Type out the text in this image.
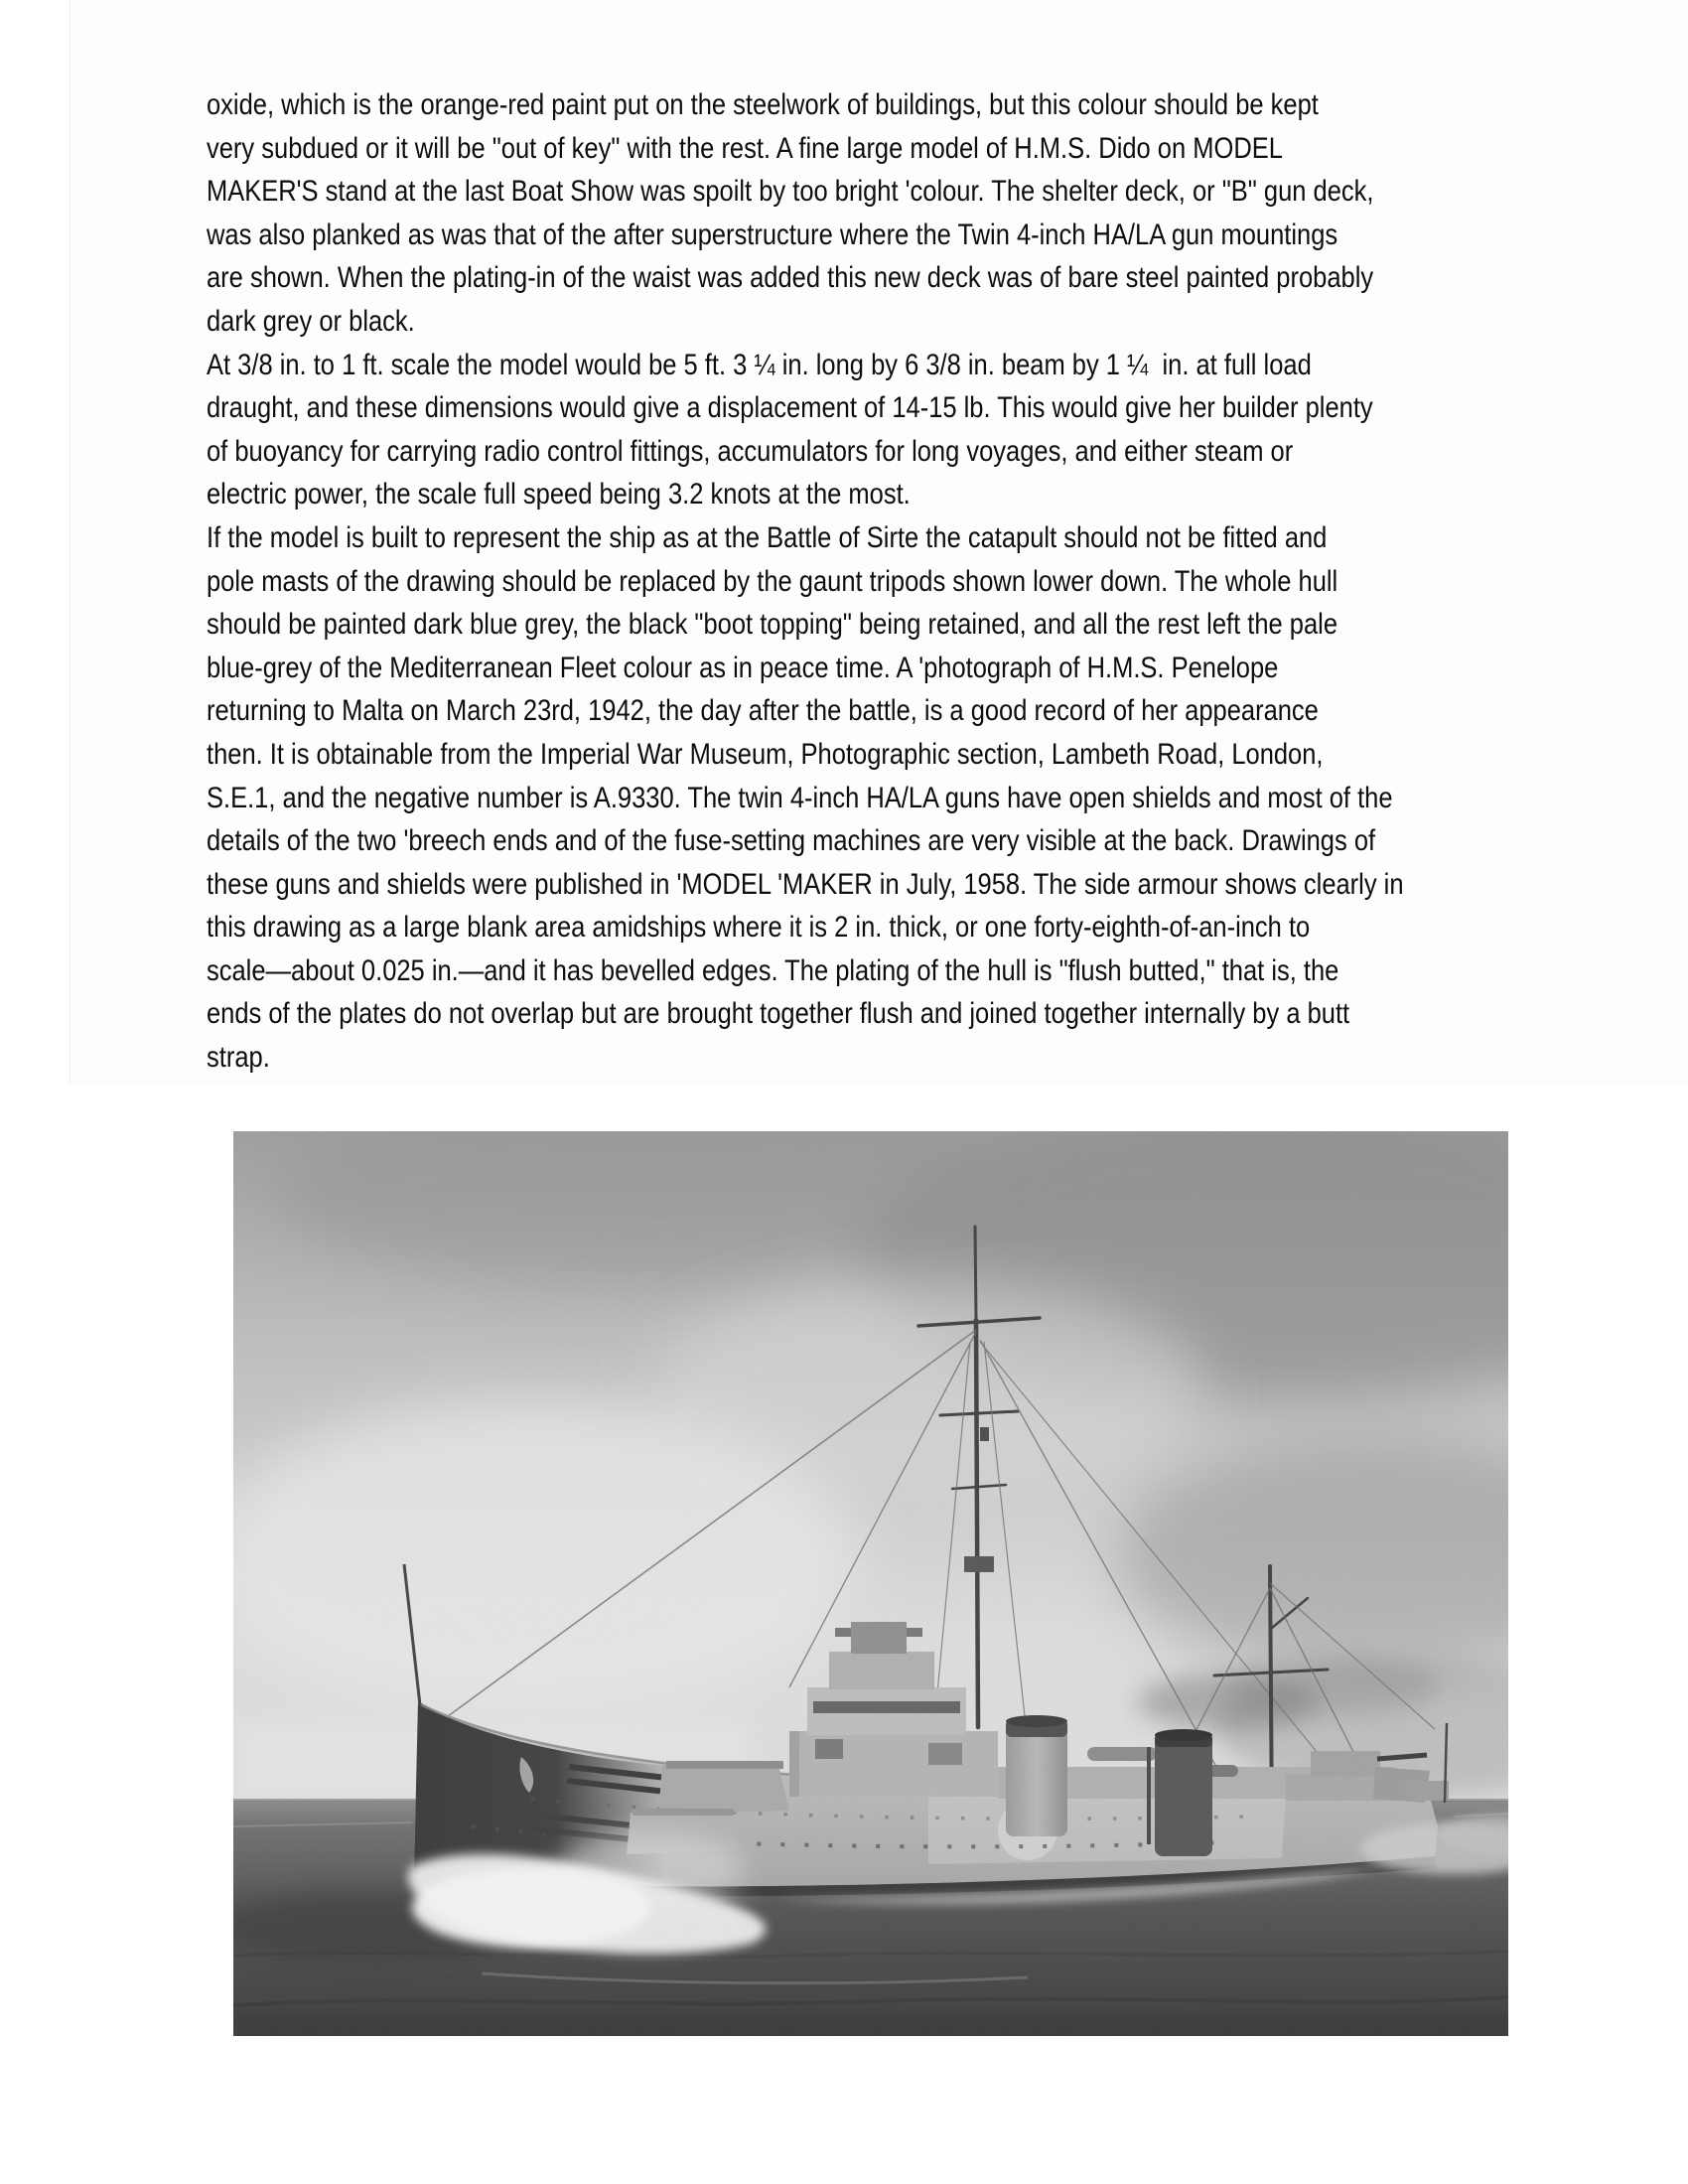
oxide, which is the orange-red paint put on the steelwork of buildings, but this colour should be kept
very subdued or it will be "out of key" with the rest. A fine large model of H.M.S. Dido on MODEL
MAKER'S stand at the last Boat Show was spoilt by too bright 'colour. The shelter deck, or "B" gun deck,
was also planked as was that of the after superstructure where the Twin 4-inch HA/LA gun mountings
are shown. When the plating-in of the waist was added this new deck was of bare steel painted probably
dark grey or black.
At 3/8 in. to 1 ft. scale the model would be 5 ft. 3 ¼ in. long by 6 3/8 in. beam by 1 ¼  in. at full load
draught, and these dimensions would give a displacement of 14-15 lb. This would give her builder plenty
of buoyancy for carrying radio control fittings, accumulators for long voyages, and either steam or
electric power, the scale full speed being 3.2 knots at the most.
If the model is built to represent the ship as at the Battle of Sirte the catapult should not be fitted and
pole masts of the drawing should be replaced by the gaunt tripods shown lower down. The whole hull
should be painted dark blue grey, the black "boot topping" being retained, and all the rest left the pale
blue-grey of the Mediterranean Fleet colour as in peace time. A 'photograph of H.M.S. Penelope
returning to Malta on March 23rd, 1942, the day after the battle, is a good record of her appearance
then. It is obtainable from the Imperial War Museum, Photographic section, Lambeth Road, London,
S.E.1, and the negative number is A.9330. The twin 4-inch HA/LA guns have open shields and most of the
details of the two 'breech ends and of the fuse-setting machines are very visible at the back. Drawings of
these guns and shields were published in 'MODEL 'MAKER in July, 1958. The side armour shows clearly in
this drawing as a large blank area amidships where it is 2 in. thick, or one forty-eighth-of-an-inch to
scale—about 0.025 in.—and it has bevelled edges. The plating of the hull is "flush butted," that is, the
ends of the plates do not overlap but are brought together flush and joined together internally by a butt
strap.
